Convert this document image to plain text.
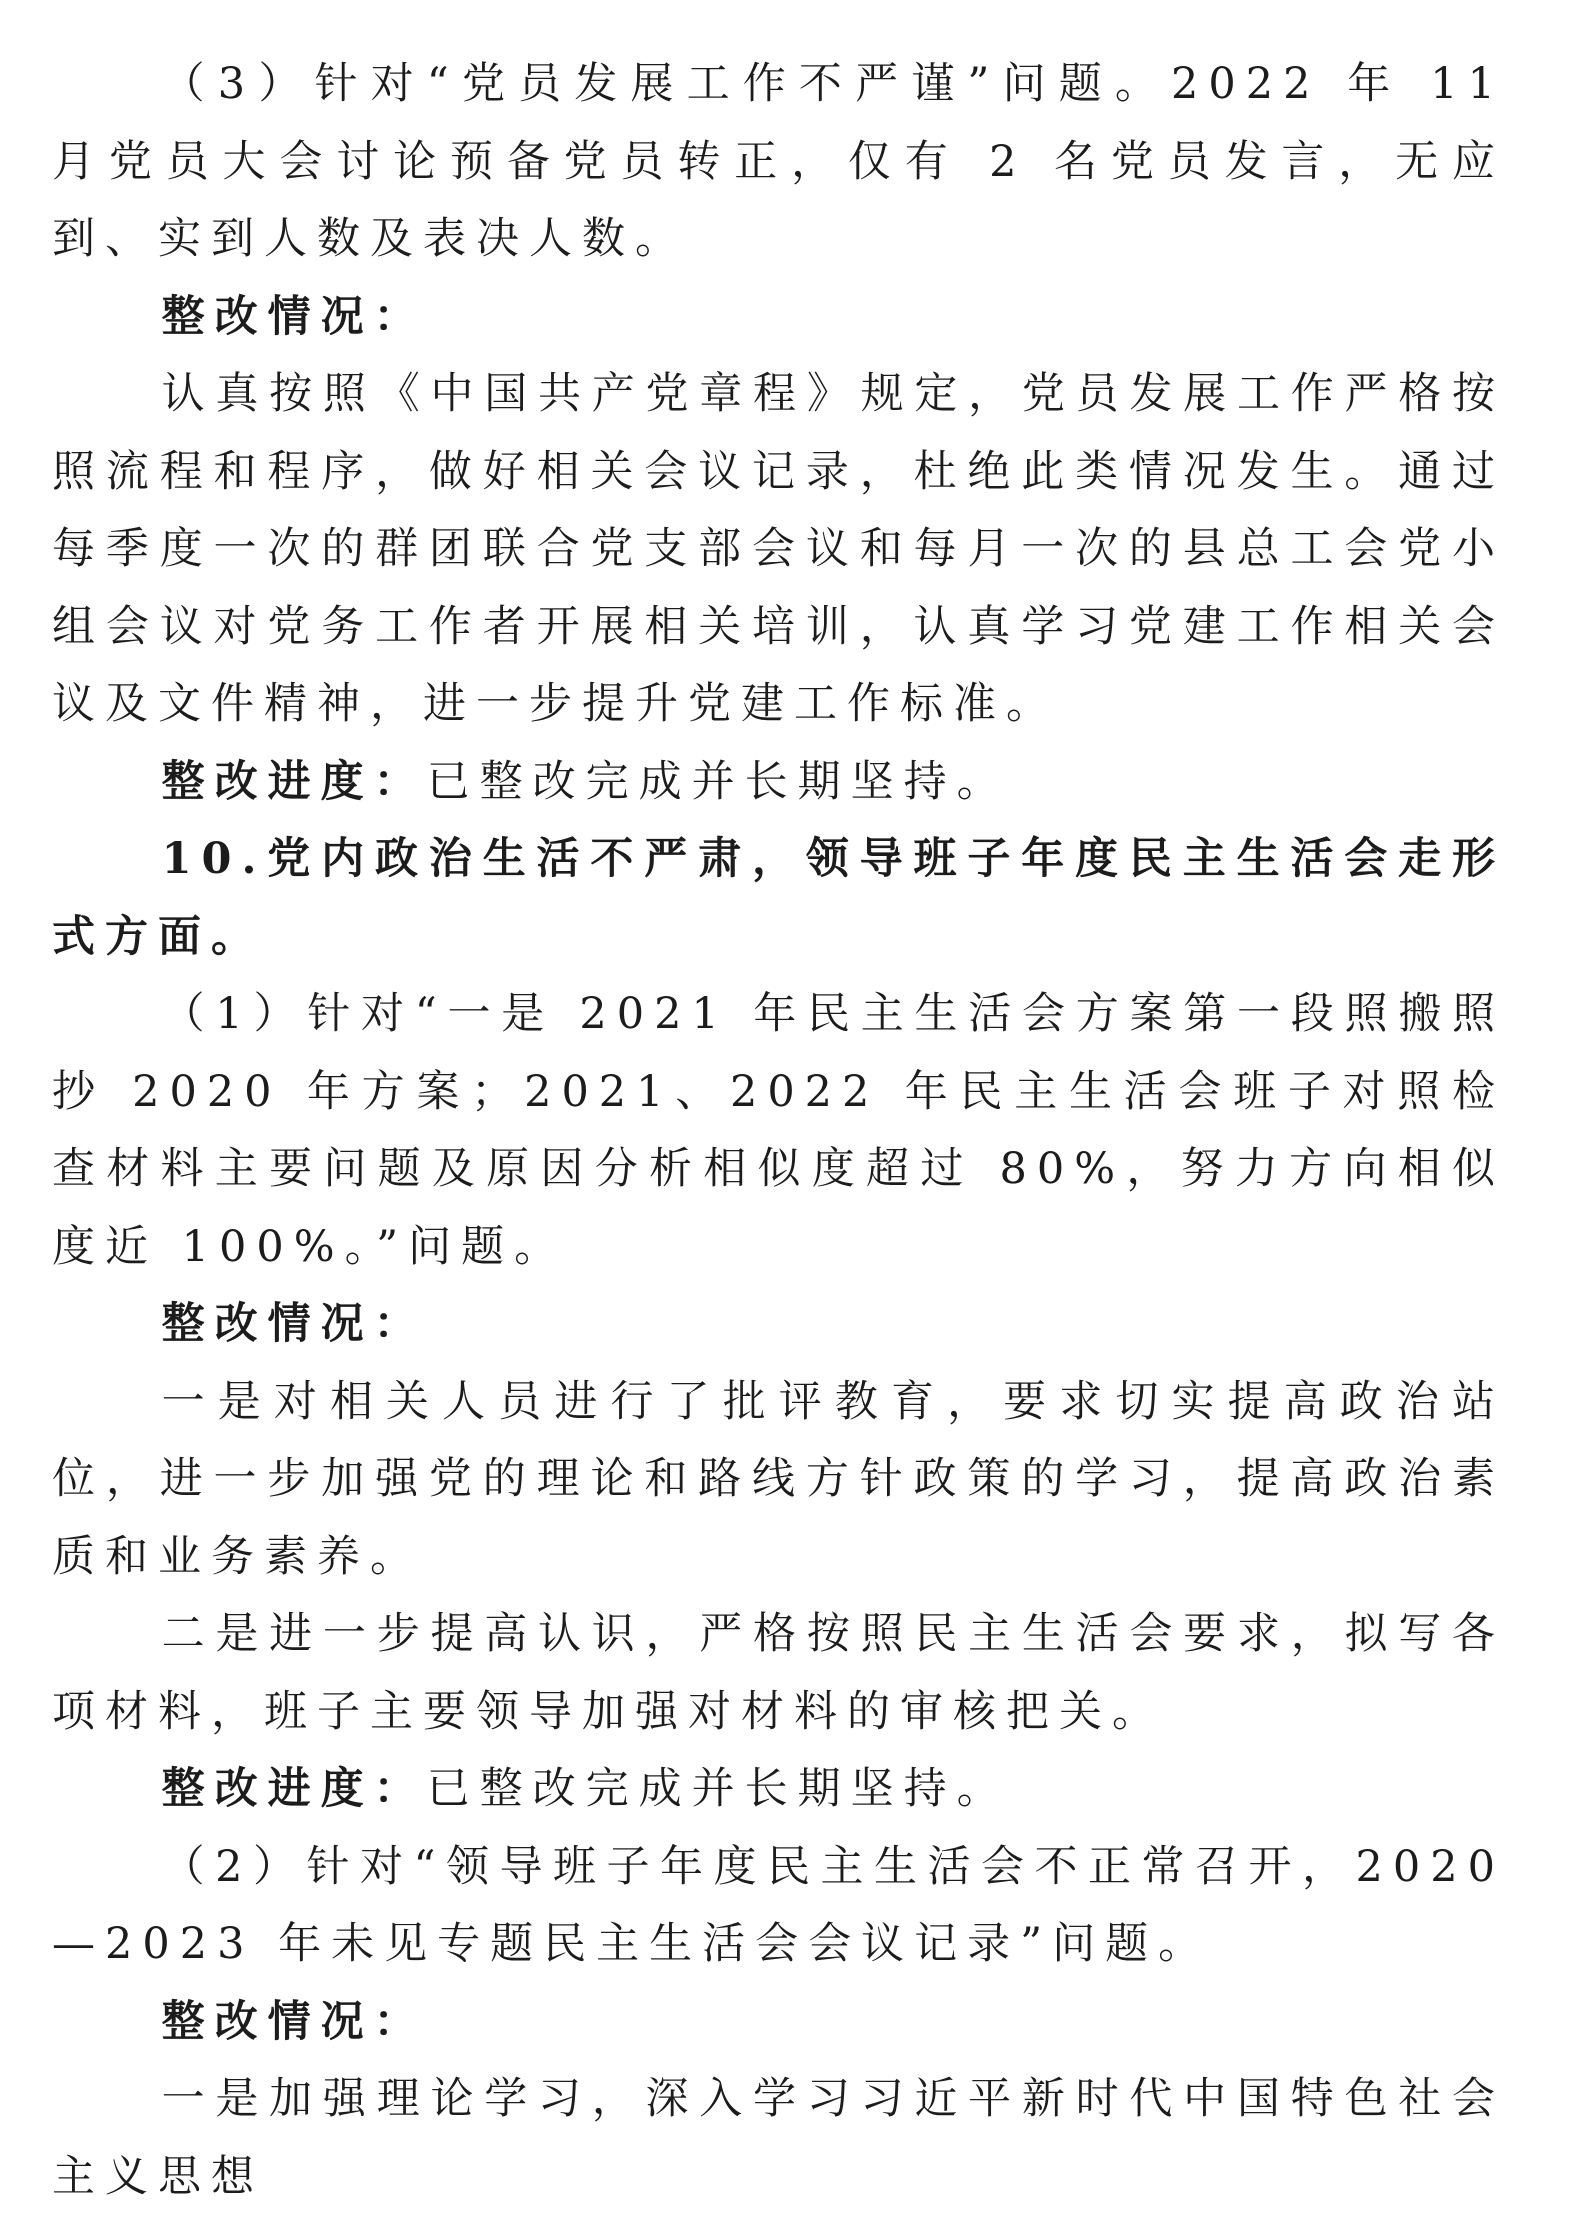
（3）针对“党员发展工作不严谨”问题。2022 年 11 月党员大会讨论预备党员转正，仅有 2 名党员发言，无应到、实到人数及表决人数。

整改情况：

认真按照《中国共产党章程》规定，党员发展工作严格按照流程和程序，做好相关会议记录，杜绝此类情况发生。通过每季度一次的群团联合党支部会议和每月一次的县总工会党小组会议对党务工作者开展相关培训，认真学习党建工作相关会议及文件精神，进一步提升党建工作标准。

整改进度：已整改完成并长期坚持。

10.党内政治生活不严肃，领导班子年度民主生活会走形式方面。

（1）针对“一是 2021 年民主生活会方案第一段照搬照抄 2020 年方案；2021、2022 年民主生活会班子对照检查材料主要问题及原因分析相似度超过 80%，努力方向相似度近 100%。”问题。

整改情况：

一是对相关人员进行了批评教育，要求切实提高政治站位，进一步加强党的理论和路线方针政策的学习，提高政治素质和业务素养。

二是进一步提高认识，严格按照民主生活会要求，拟写各项材料，班子主要领导加强对材料的审核把关。

整改进度：已整改完成并长期坚持。

（2）针对“领导班子年度民主生活会不正常召开，2020—2023 年未见专题民主生活会会议记录”问题。

整改情况：

一是加强理论学习，深入学习习近平新时代中国特色社会主义思想
